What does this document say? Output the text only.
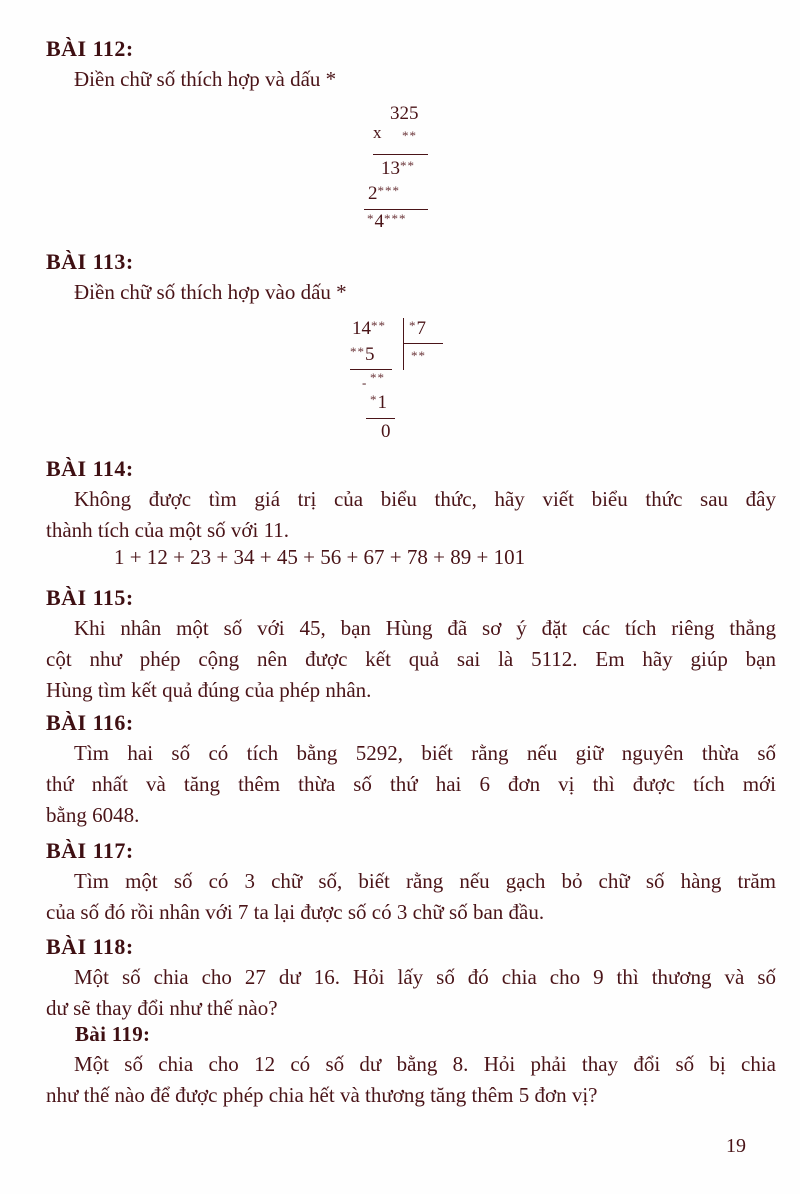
BÀI 112:
Điền chữ số thích hợp và dấu *
325
x **
13**
2***
*4***
BÀI 113:
Điền chữ số thích hợp vào dấu *
14** *7
**
**5
- **
*1
0
BÀI 114:
Không được tìm giá trị của biểu thức, hãy viết biểu thức sau đây
thành tích của một số với 11.
1 + 12 + 23 + 34 + 45 + 56 + 67 + 78 + 89 + 101
BÀI 115:
Khi nhân một số với 45, bạn Hùng đã sơ ý đặt các tích riêng thẳng
cột như phép cộng nên được kết quả sai là 5112. Em hãy giúp bạn
Hùng tìm kết quả đúng của phép nhân.
BÀI 116:
Tìm hai số có tích bằng 5292, biết rằng nếu giữ nguyên thừa số
thứ nhất và tăng thêm thừa số thứ hai 6 đơn vị thì được tích mới
bằng 6048.
BÀI 117:
Tìm một số có 3 chữ số, biết rằng nếu gạch bỏ chữ số hàng trăm
của số đó rồi nhân với 7 ta lại được số có 3 chữ số ban đầu.
BÀI 118:
Một số chia cho 27 dư 16. Hỏi lấy số đó chia cho 9 thì thương và số
dư sẽ thay đổi như thế nào?
Bài 119:
Một số chia cho 12 có số dư bằng 8. Hỏi phải thay đổi số bị chia
như thế nào để được phép chia hết và thương tăng thêm 5 đơn vị?
19
